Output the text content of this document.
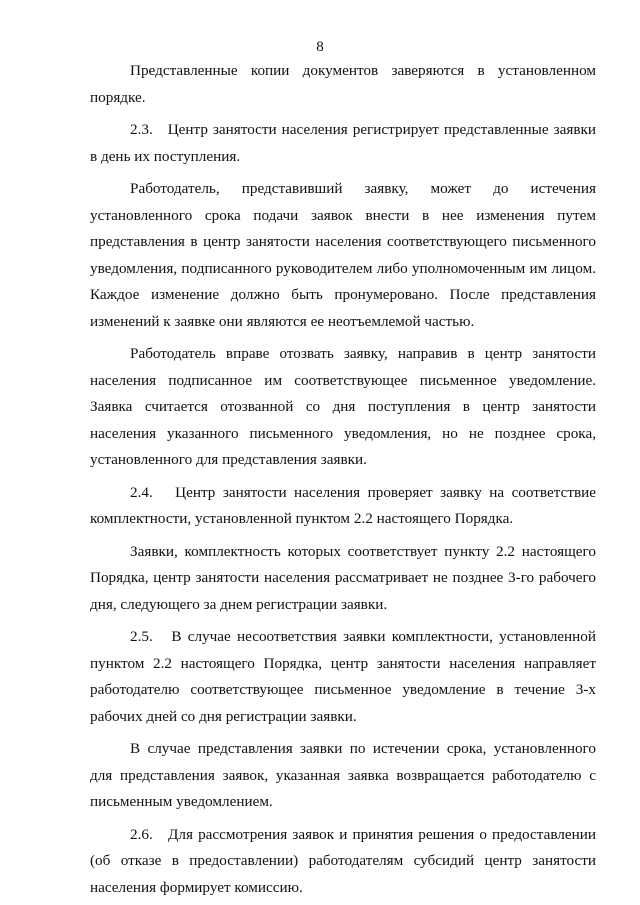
8

Представленные копии документов заверяются в установленном порядке.

2.3.   Центр занятости населения регистрирует представленные заявки в день их поступления.

Работодатель, представивший заявку, может до истечения установленного срока подачи заявок внести в нее изменения путем представления в центр занятости населения соответствующего письменного уведомления, подписанного руководителем либо уполномоченным им лицом. Каждое изменение должно быть пронумеровано. После представления изменений к заявке они являются ее неотъемлемой частью.

Работодатель вправе отозвать заявку, направив в центр занятости населения подписанное им соответствующее письменное уведомление. Заявка считается отозванной со дня поступления в центр занятости населения указанного письменного уведомления, но не позднее срока, установленного для представления заявки.

2.4.   Центр занятости населения проверяет заявку на соответствие комплектности, установленной пунктом 2.2 настоящего Порядка.

Заявки, комплектность которых соответствует пункту 2.2 настоящего Порядка, центр занятости населения рассматривает не позднее 3-го рабочего дня, следующего за днем регистрации заявки.

2.5.   В случае несоответствия заявки комплектности, установленной пунктом 2.2 настоящего Порядка, центр занятости населения направляет работодателю соответствующее письменное уведомление в течение 3-х рабочих дней со дня регистрации заявки.

В случае представления заявки по истечении срока, установленного для представления заявок, указанная заявка возвращается работодателю с письменным уведомлением.

2.6.   Для рассмотрения заявок и принятия решения о предоставлении (об отказе в предоставлении) работодателям субсидий центр занятости населения формирует комиссию.
